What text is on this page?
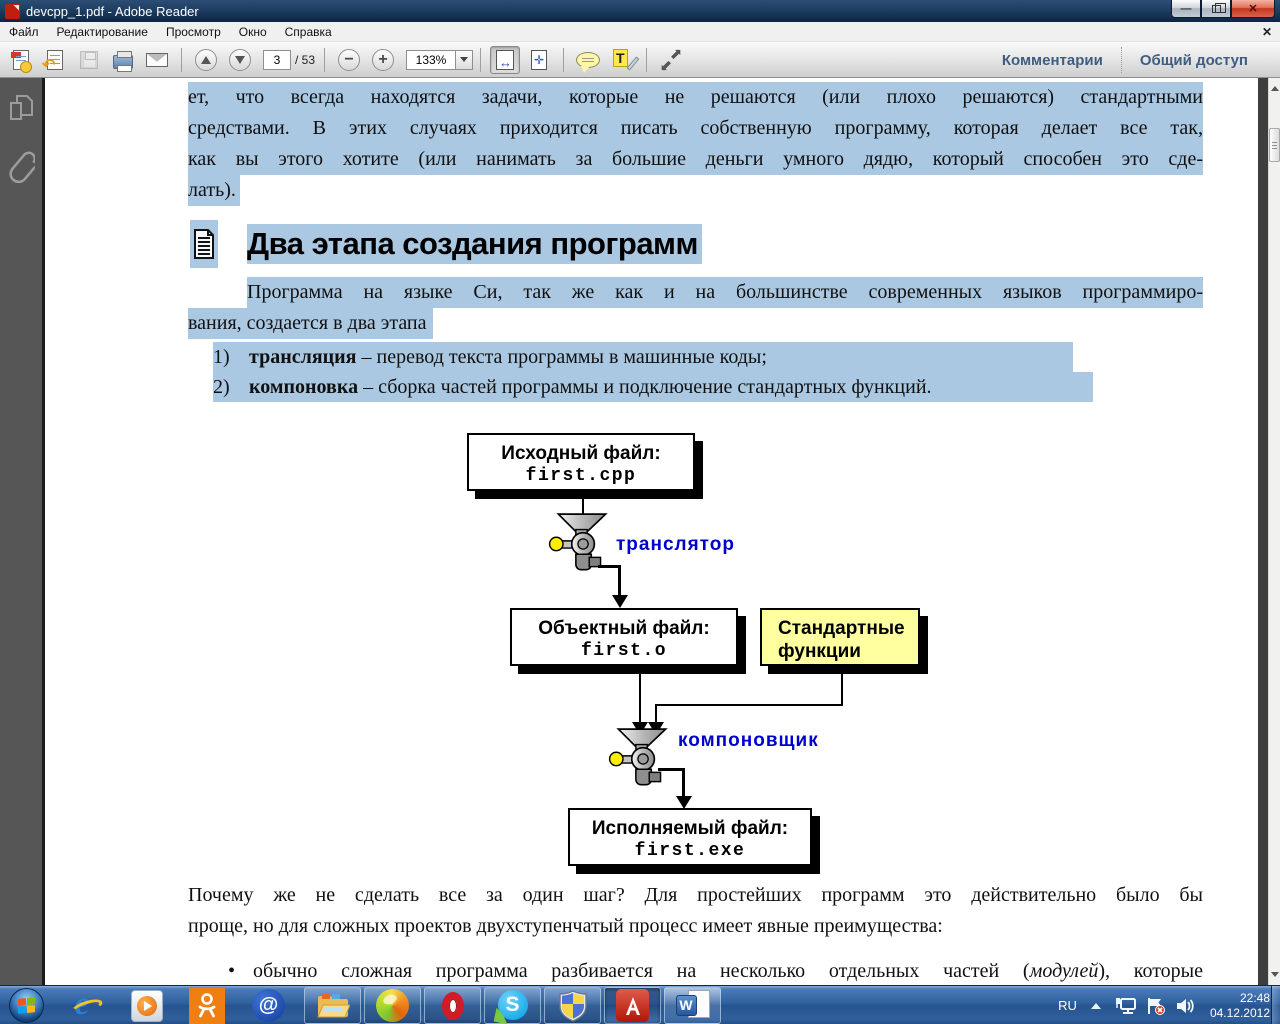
devcpp_1.pdf - Adobe Reader	—	✕
Файл	Редактирование	Просмотр	Окно	Справка	✕
↶
3
/ 53 − +	133% ↔ ✛	T ⬉ ⬉	Комментарии	Общий доступ
ет, что всегда находятся задачи, которые не решаются (или плохо решаются) стандартными
средствами. В этих случаях приходится писать собственную программу, которая делает все так,
как вы этого хотите (или нанимать за большие деньги умного дядю, который способен это сде-
лать).
Два этапа создания программ
Программа на языке Си, так же как и на большинстве современных языков программиро-
вания, создается в два этапа
1) трансляция – перевод текста программы в машинные коды;
2) компоновка – сборка частей программы и подключение стандартных функций.
Исходный файл:
first.cpp
транслятор
Объектный файл:
first.o
Стандартные
функции
компоновщик
Исполняемый файл:
first.exe
Почему же не сделать все за один шаг? Для простейших программ это действительно было бы
проще, но для сложных проектов двухступенчатый процесс имеет явные преимущества:
• обычно сложная программа разбивается на несколько отдельных частей (модулей), которые
e	@	S	W	RU
22:48
04.12.2012
